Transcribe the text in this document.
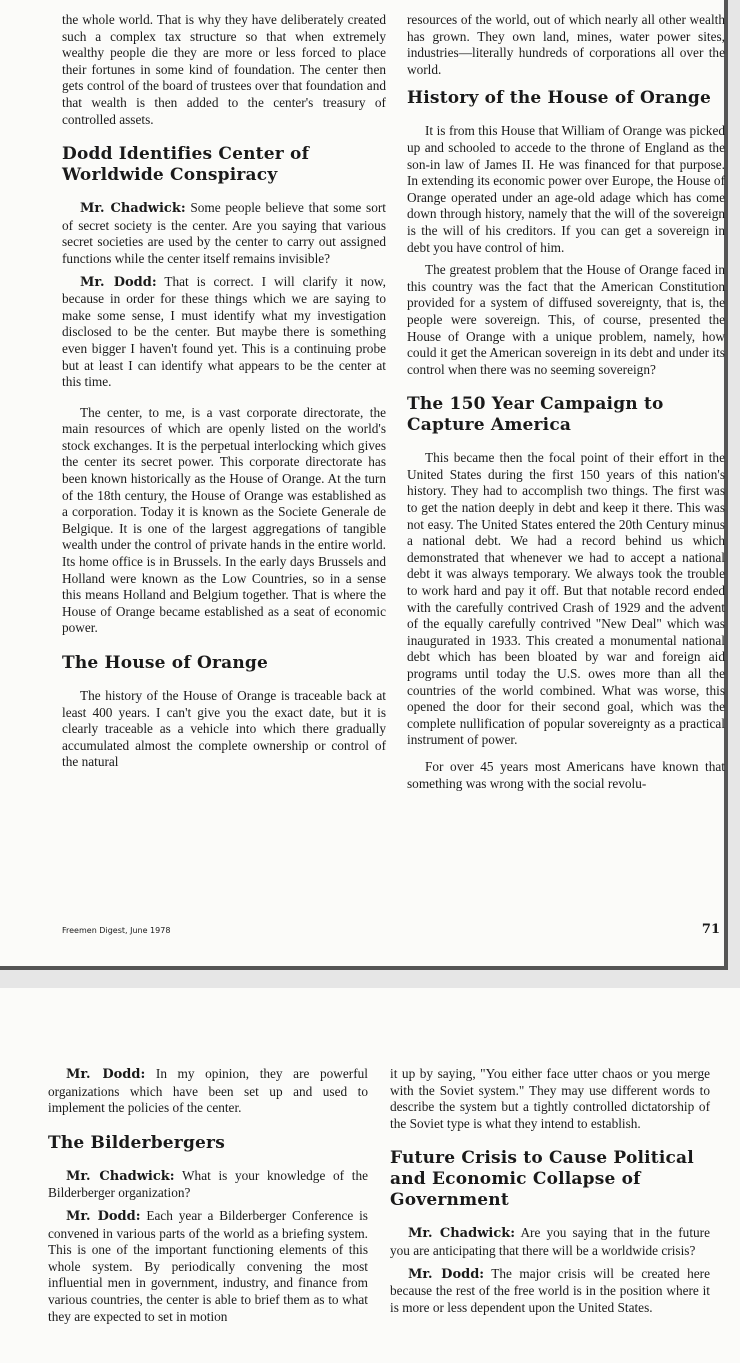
the whole world. That is why they have deliberately created such a complex tax structure so that when extremely wealthy people die they are more or less forced to place their fortunes in some kind of foundation. The center then gets control of the board of trustees over that foundation and that wealth is then added to the center's treasury of controlled assets.

Dodd Identifies Center of Worldwide Conspiracy

Mr. Chadwick: Some people believe that some sort of secret society is the center. Are you saying that various secret societies are used by the center to carry out assigned functions while the center itself remains invisible?

Mr. Dodd: That is correct. I will clarify it now, because in order for these things which we are saying to make some sense, I must identify what my investigation disclosed to be the center. But maybe there is something even bigger I haven't found yet. This is a continuing probe but at least I can identify what appears to be the center at this time.

The center, to me, is a vast corporate directorate, the main resources of which are openly listed on the world's stock exchanges. It is the perpetual interlocking which gives the center its secret power. This corporate directorate has been known historically as the House of Orange. At the turn of the 18th century, the House of Orange was established as a corporation. Today it is known as the Societe Generale de Belgique. It is one of the largest aggregations of tangible wealth under the control of private hands in the entire world. Its home office is in Brussels. In the early days Brussels and Holland were known as the Low Countries, so in a sense this means Holland and Belgium together. That is where the House of Orange became established as a seat of economic power.

The House of Orange

The history of the House of Orange is traceable back at least 400 years. I can't give you the exact date, but it is clearly traceable as a vehicle into which there gradually accumulated almost the complete ownership or control of the natural

resources of the world, out of which nearly all other wealth has grown. They own land, mines, water power sites, industries—literally hundreds of corporations all over the world.

History of the House of Orange

It is from this House that William of Orange was picked up and schooled to accede to the throne of England as the son-in law of James II. He was financed for that purpose. In extending its economic power over Europe, the House of Orange operated under an age-old adage which has come down through history, namely that the will of the sovereign is the will of his creditors. If you can get a sovereign in debt you have control of him.

The greatest problem that the House of Orange faced in this country was the fact that the American Constitution provided for a system of diffused sovereignty, that is, the people were sovereign. This, of course, presented the House of Orange with a unique problem, namely, how could it get the American sovereign in its debt and under its control when there was no seeming sovereign?

The 150 Year Campaign to Capture America

This became then the focal point of their effort in the United States during the first 150 years of this nation's history. They had to accomplish two things. The first was to get the nation deeply in debt and keep it there. This was not easy. The United States entered the 20th Century minus a national debt. We had a record behind us which demonstrated that whenever we had to accept a national debt it was always temporary. We always took the trouble to work hard and pay it off. But that notable record ended with the carefully contrived Crash of 1929 and the advent of the equally carefully contrived "New Deal" which was inaugurated in 1933. This created a monumental national debt which has been bloated by war and foreign aid programs until today the U.S. owes more than all the countries of the world combined. What was worse, this opened the door for their second goal, which was the complete nullification of popular sovereignty as a practical instrument of power.

For over 45 years most Americans have known that something was wrong with the social revolu-

Freemen Digest, June 1978	71

Mr. Dodd: In my opinion, they are powerful organizations which have been set up and used to implement the policies of the center.

The Bilderbergers

Mr. Chadwick: What is your knowledge of the Bilderberger organization?

Mr. Dodd: Each year a Bilderberger Conference is convened in various parts of the world as a briefing system. This is one of the important functioning elements of this whole system. By periodically convening the most influential men in government, industry, and finance from various countries, the center is able to brief them as to what they are expected to set in motion

it up by saying, "You either face utter chaos or you merge with the Soviet system." They may use different words to describe the system but a tightly controlled dictatorship of the Soviet type is what they intend to establish.

Future Crisis to Cause Political and Economic Collapse of Government

Mr. Chadwick: Are you saying that in the future you are anticipating that there will be a worldwide crisis?

Mr. Dodd: The major crisis will be created here because the rest of the free world is in the position where it is more or less dependent upon the United States.
